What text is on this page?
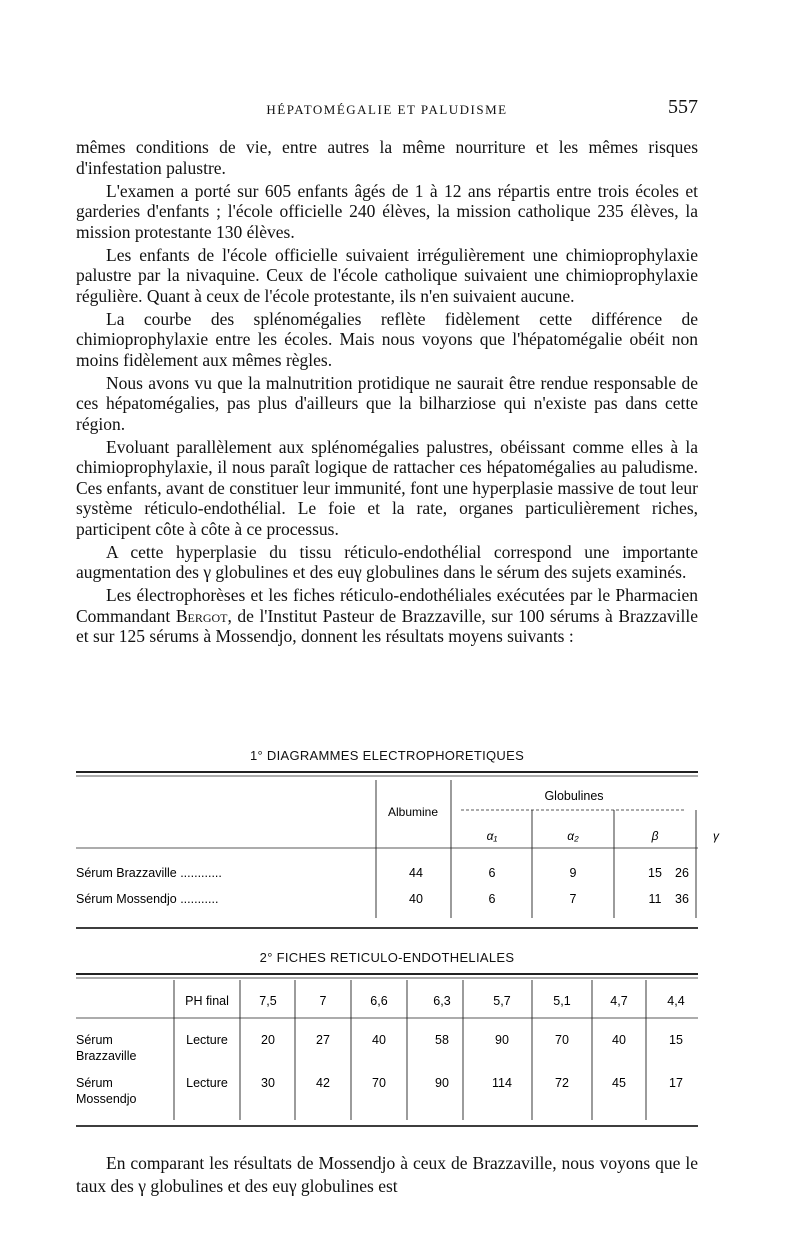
HÉPATOMÉGALIE ET PALUDISME	557

mêmes conditions de vie, entre autres la même nourriture et les mêmes risques d'infestation palustre.

L'examen a porté sur 605 enfants âgés de 1 à 12 ans répartis entre trois écoles et garderies d'enfants ; l'école officielle 240 élèves, la mission catholique 235 élèves, la mission protestante 130 élèves.

Les enfants de l'école officielle suivaient irrégulièrement une chimioprophylaxie palustre par la nivaquine. Ceux de l'école catholique suivaient une chimioprophylaxie régulière. Quant à ceux de l'école protestante, ils n'en suivaient aucune.

La courbe des splénomégalies reflète fidèlement cette différence de chimioprophylaxie entre les écoles. Mais nous voyons que l'hépatomégalie obéit non moins fidèlement aux mêmes règles.

Nous avons vu que la malnutrition protidique ne saurait être rendue responsable de ces hépatomégalies, pas plus d'ailleurs que la bilharziose qui n'existe pas dans cette région.

Evoluant parallèlement aux splénomégalies palustres, obéissant comme elles à la chimioprophylaxie, il nous paraît logique de rattacher ces hépatomégalies au paludisme. Ces enfants, avant de constituer leur immunité, font une hyperplasie massive de tout leur système réticulo-endothélial. Le foie et la rate, organes particulièrement riches, participent côte à côte à ce processus.

A cette hyperplasie du tissu réticulo-endothélial correspond une importante augmentation des γ globulines et des euγ globulines dans le sérum des sujets examinés.

Les électrophorèses et les fiches réticulo-endothéliales exécutées par le Pharmacien Commandant Bergot, de l'Institut Pasteur de Brazzaville, sur 100 sérums à Brazzaville et sur 125 sérums à Mossendjo, donnent les résultats moyens suivants :

1° DIAGRAMMES ELECTROPHORETIQUES
Albumine
Globulines
α₁	α₂	β	γ
Sérum Brazzaville ............	44	6	9	15 26
Sérum Mossendjo ...........	40	6	7	11 36
2° FICHES RETICULO-ENDOTHELIALES
PH final 7,5	7	6,6	6,3	5,7	5,1	4,7	4,4
Sérum
Brazzaville
Lecture	20	27	40	58	90	70	40	15
Sérum
Mossendjo
Lecture	30	42	70	90	114	72	45	17

En comparant les résultats de Mossendjo à ceux de Brazzaville, nous voyons que le taux des γ globulines et des euγ globulines est
